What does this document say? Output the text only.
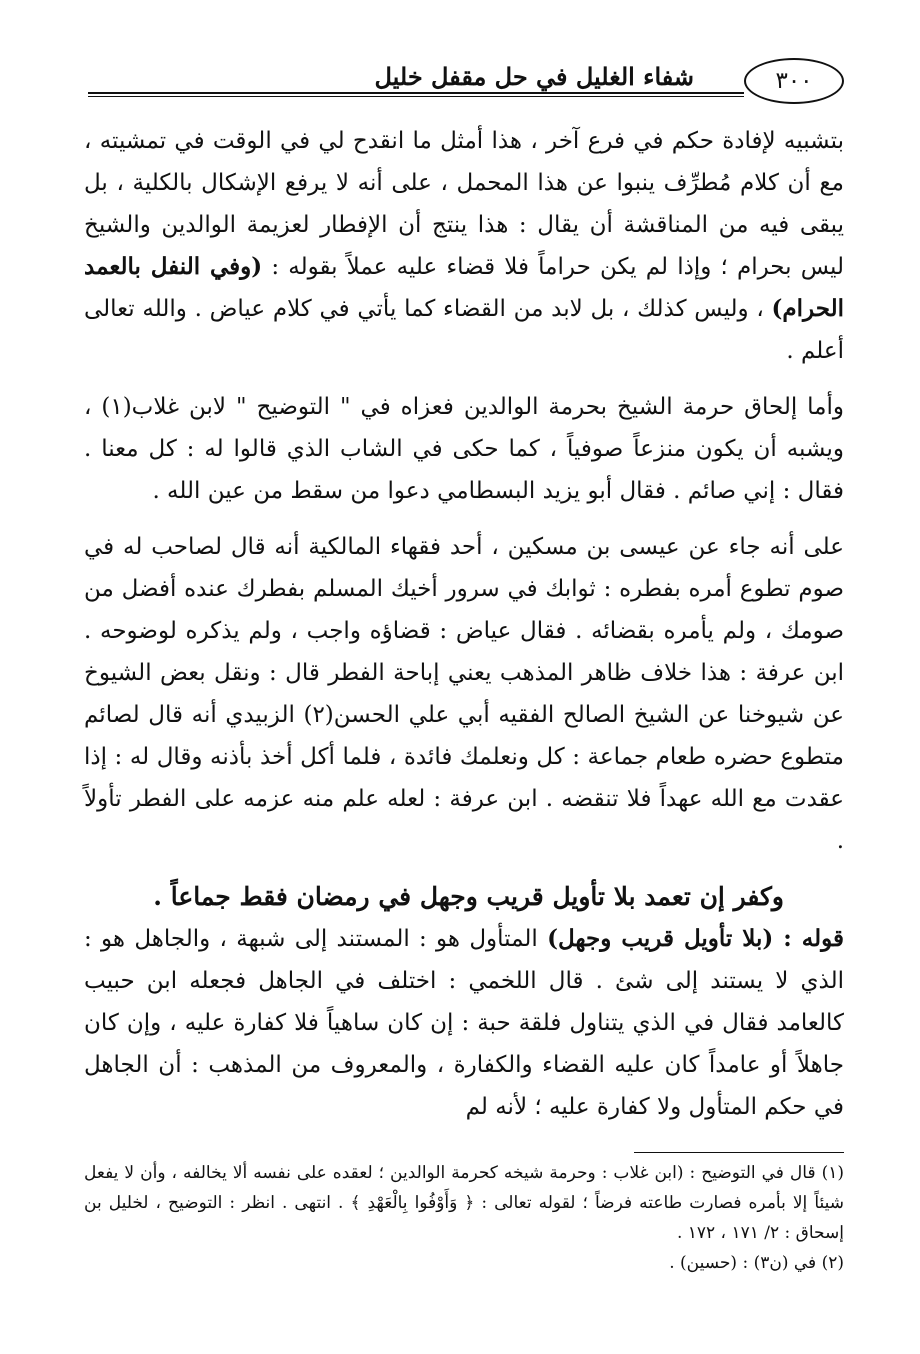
٣٠٠
شفاء الغليل في حل مقفل خليل

بتشبيه لإفادة حكم في فرع آخر ، هذا أمثل ما انقدح لي في الوقت في تمشيته ، مع أن كلام مُطرِّف ينبوا عن هذا المحمل ، على أنه لا يرفع الإشكال بالكلية ، بل يبقى فيه من المناقشة أن يقال : هذا ينتج أن الإفطار لعزيمة الوالدين والشيخ ليس بحرام ؛ وإذا لم يكن حراماً فلا قضاء عليه عملاً بقوله : (وفي النفل بالعمد الحرام) ، وليس كذلك ، بل لابد من القضاء كما يأتي في كلام عياض . والله تعالى أعلم .

وأما إلحاق حرمة الشيخ بحرمة الوالدين فعزاه في " التوضيح " لابن غلاب(١) ، ويشبه أن يكون منزعاً صوفياً ، كما حكى في الشاب الذي قالوا له : كل معنا . فقال : إني صائم . فقال أبو يزيد البسطامي دعوا من سقط من عين الله .

على أنه جاء عن عيسى بن مسكين ، أحد فقهاء المالكية أنه قال لصاحب له في صوم تطوع أمره بفطره : ثوابك في سرور أخيك المسلم بفطرك عنده أفضل من صومك ، ولم يأمره بقضائه . فقال عياض : قضاؤه واجب ، ولم يذكره لوضوحه . ابن عرفة : هذا خلاف ظاهر المذهب يعني إباحة الفطر قال : ونقل بعض الشيوخ عن شيوخنا عن الشيخ الصالح الفقيه أبي علي الحسن(٢) الزبيدي أنه قال لصائم متطوع حضره طعام جماعة : كل ونعلمك فائدة ، فلما أكل أخذ بأذنه وقال له : إذا عقدت مع الله عهداً فلا تنقضه . ابن عرفة : لعله علم منه عزمه على الفطر تأولاً .

وكفر إن تعمد بلا تأويل قريب وجهل في رمضان فقط جماعاً .

قوله : (بلا تأويل قريب وجهل) المتأول هو : المستند إلى شبهة ، والجاهل هو : الذي لا يستند إلى شئ . قال اللخمي : اختلف في الجاهل فجعله ابن حبيب كالعامد فقال في الذي يتناول فلقة حبة : إن كان ساهياً فلا كفارة عليه ، وإن كان جاهلاً أو عامداً كان عليه القضاء والكفارة ، والمعروف من المذهب : أن الجاهل في حكم المتأول ولا كفارة عليه ؛ لأنه لم

(١) قال في التوضيح : (ابن غلاب : وحرمة شيخه كحرمة الوالدين ؛ لعقده على نفسه ألا يخالفه ، وأن لا يفعل شيئاً إلا بأمره فصارت طاعته فرضاً ؛ لقوله تعالى : ﴿ وَأَوْفُوا بِالْعَهْدِ ﴾ . انتهى . انظر : التوضيح ، لخليل بن إسحاق : ٢/ ١٧١ ، ١٧٢ .

(٢) في (ن٣) : (حسين) .
